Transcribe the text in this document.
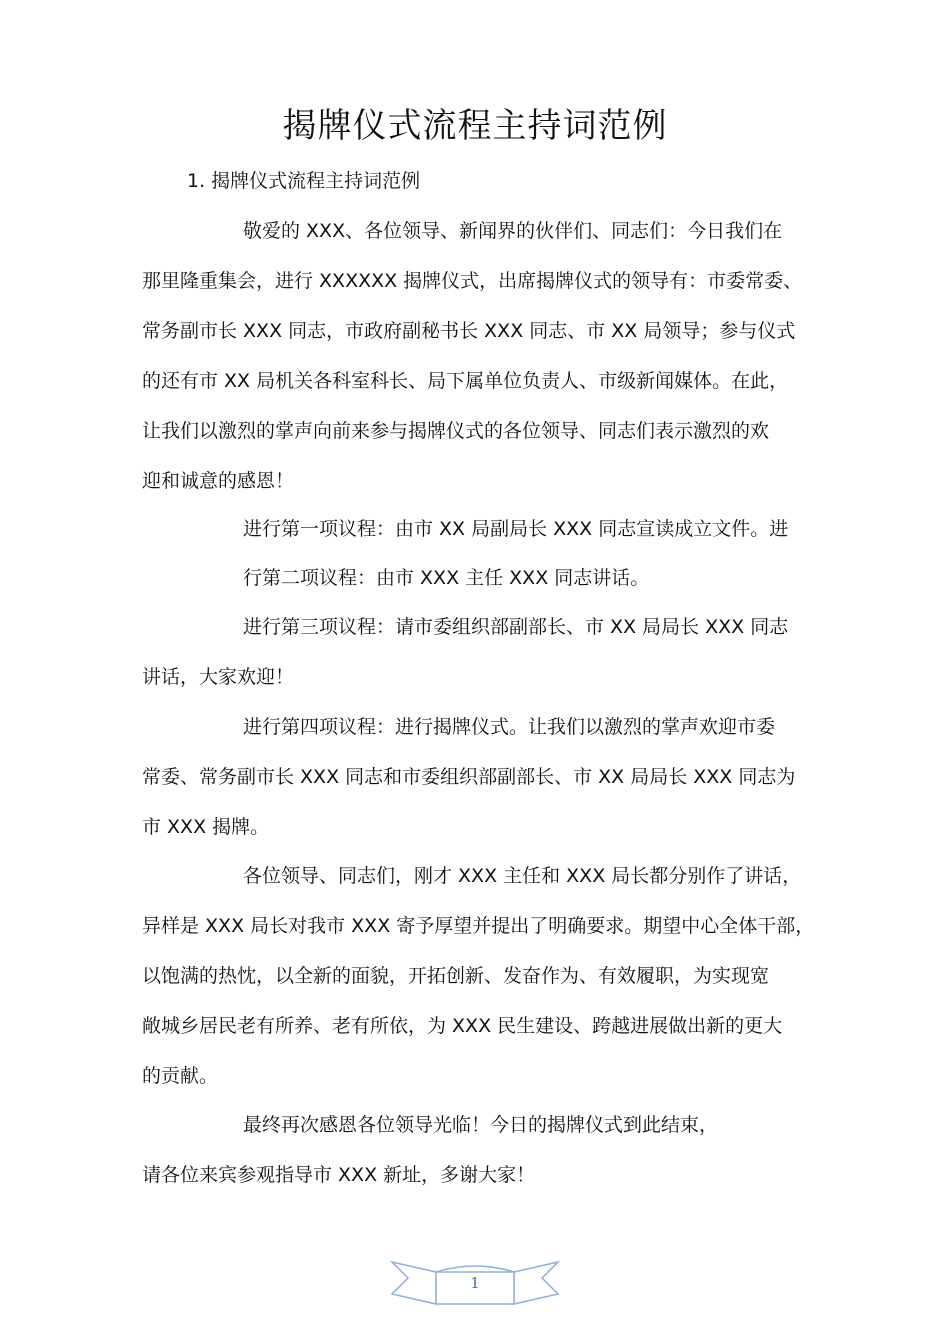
揭牌仪式流程主持词范例
1. 揭牌仪式流程主持词范例
敬爱的 XXX、各位领导、新闻界的伙伴们、同志们：今日我们在
那里隆重集会，进行 XXXXXX 揭牌仪式，出席揭牌仪式的领导有：市委常委、
常务副市长 XXX 同志，市政府副秘书长 XXX 同志、市 XX 局领导；参与仪式
的还有市 XX 局机关各科室科长、局下属单位负责人、市级新闻媒体。在此，
让我们以激烈的掌声向前来参与揭牌仪式的各位领导、同志们表示激烈的欢
迎和诚意的感恩！
进行第一项议程：由市 XX 局副局长 XXX 同志宣读成立文件。进
行第二项议程：由市 XXX 主任 XXX 同志讲话。
进行第三项议程：请市委组织部副部长、市 XX 局局长 XXX 同志
讲话，大家欢迎！
进行第四项议程：进行揭牌仪式。让我们以激烈的掌声欢迎市委
常委、常务副市长 XXX 同志和市委组织部副部长、市 XX 局局长 XXX 同志为
市 XXX 揭牌。
各位领导、同志们，刚才 XXX 主任和 XXX 局长都分别作了讲话，
异样是 XXX 局长对我市 XXX 寄予厚望并提出了明确要求。期望中心全体干部，
以饱满的热忱，以全新的面貌，开拓创新、发奋作为、有效履职，为实现宽
敞城乡居民老有所养、老有所依，为 XXX 民生建设、跨越进展做出新的更大
的贡献。
最终再次感恩各位领导光临！今日的揭牌仪式到此结束，
请各位来宾参观指导市 XXX 新址，多谢大家！
1
